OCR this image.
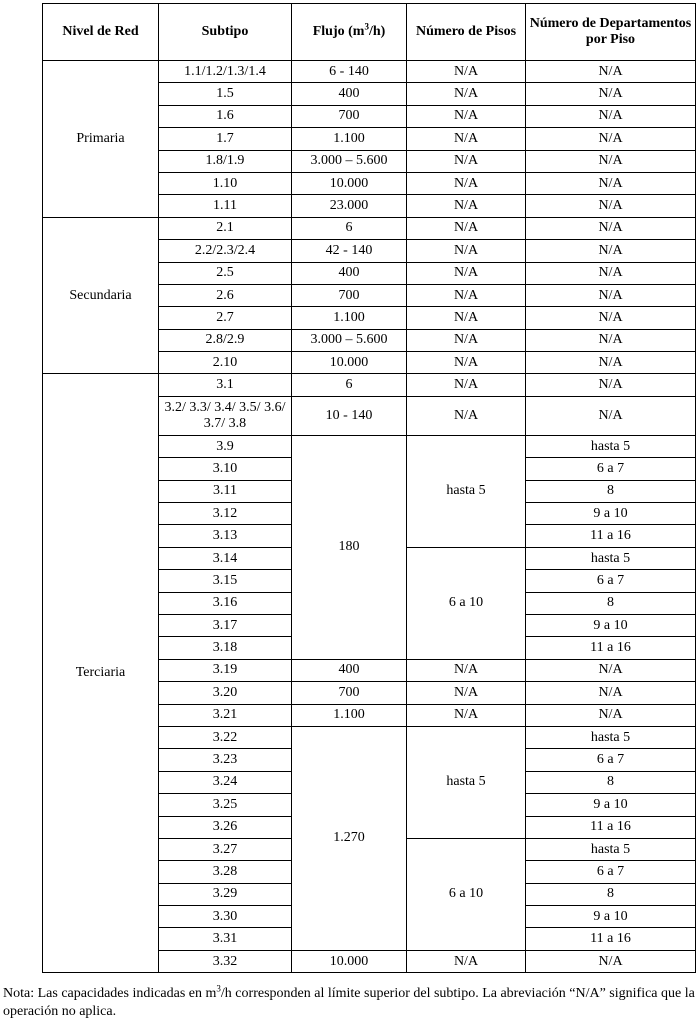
Nivel de Red	Subtipo	Flujo $(m^3/h)$	Número de Pisos	Número de Departamentos por Piso
Primaria	1.1/1.2/1.3/1.4	6 - 140	N/A	N/A
	1.5	400	N/A	N/A
	1.6	700	N/A	N/A
	1.7	1.100	N/A	N/A
	1.8/1.9	3.000 – 5.600	N/A	N/A
	1.10	10.000	N/A	N/A
	1.11	23.000	N/A	N/A
Secundaria	2.1	6	N/A	N/A
	2.2/2.3/2.4	42 - 140	N/A	N/A
	2.5	400	N/A	N/A
	2.6	700	N/A	N/A
	2.7	1.100	N/A	N/A
	2.8/2.9	3.000 – 5.600	N/A	N/A
	2.10	10.000	N/A	N/A
Terciaria	3.1	6	N/A	N/A
	3.2/ 3.3/ 3.4/ 3.5/ 3.6/ 3.7/ 3.8	10 - 140	N/A	N/A
	3.9	180	hasta 5	hasta 5
	3.10			6 a 7
	3.11			8
	3.12			9 a 10
	3.13			11 a 16
	3.14		6 a 10	hasta 5
	3.15			6 a 7
	3.16			8
	3.17			9 a 10
	3.18			11 a 16
	3.19	400	N/A	N/A
	3.20	700	N/A	N/A
	3.21	1.100	N/A	N/A
	3.22	1.270	hasta 5	hasta 5
	3.23			6 a 7
	3.24			8
	3.25			9 a 10
	3.26			11 a 16
	3.27		6 a 10	hasta 5
	3.28			6 a 7
	3.29			8
	3.30			9 a 10
	3.31			11 a 16
	3.32	10.000	N/A	N/A
Nota: Las capacidades indicadas en $m^3/h$ corresponden al límite superior del subtipo. La abreviación “N/A” significa que la operación no aplica.
